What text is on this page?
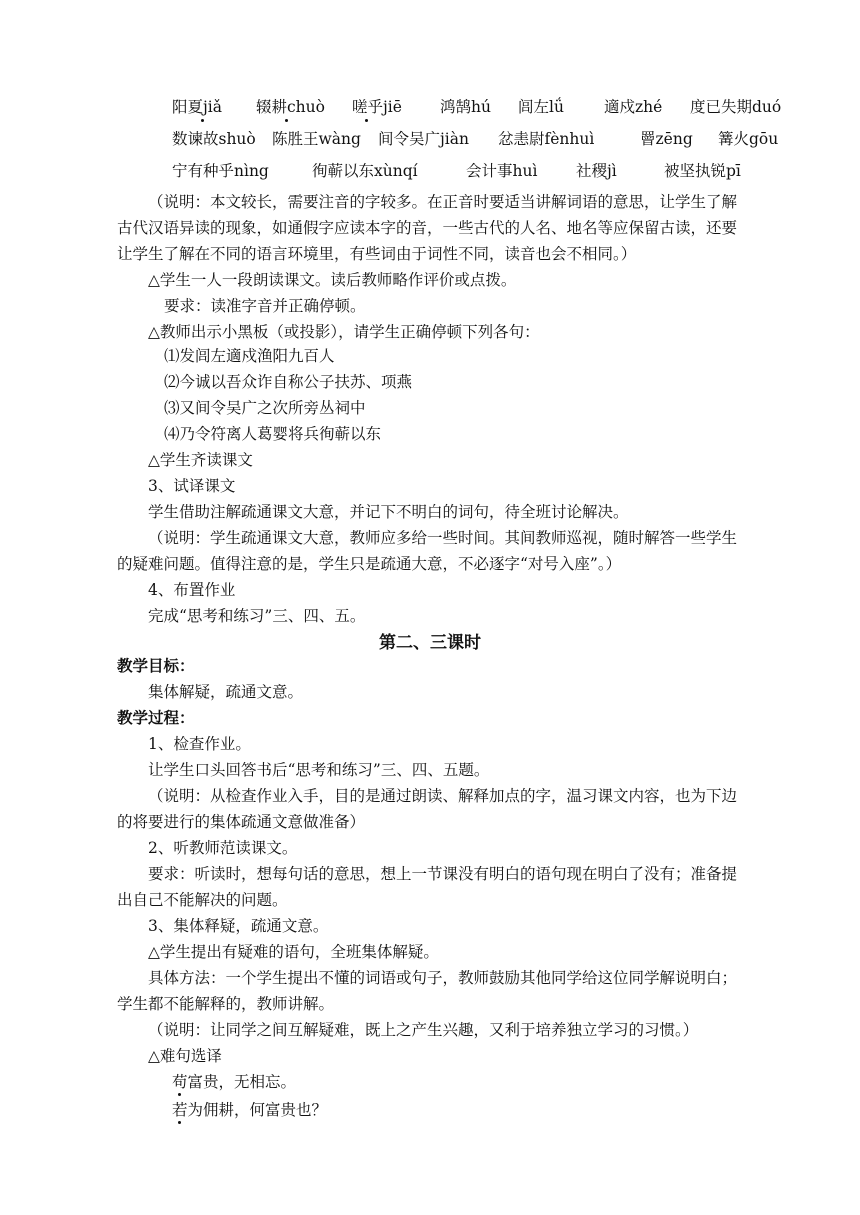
阳夏jiǎ 辍耕chuò 嗟乎jiē 鸿鹄hú 闾左lǘ	適戍zhé 度已失期duó
数谏故shuò 陈胜王wàng 间令吴广jiàn 忿恚尉fènhuì	罾zēng 篝火gōu
宁有种乎nìng	徇蕲以东xùnqí	会计事huì 社稷jì	被坚执锐pī
（说明：本文较长，需要注音的字较多。在正音时要适当讲解词语的意思，让学生了解
古代汉语异读的现象，如通假字应读本字的音，一些古代的人名、地名等应保留古读，还要
让学生了解在不同的语言环境里，有些词由于词性不同，读音也会不相同。）
△学生一人一段朗读课文。读后教师略作评价或点拨。
要求：读准字音并正确停顿。
△教师出示小黑板（或投影），请学生正确停顿下列各句：
⑴发闾左適戍渔阳九百人
⑵今诚以吾众诈自称公子扶苏、项燕
⑶又间令吴广之次所旁丛祠中
⑷乃令符离人葛婴将兵徇蕲以东
△学生齐读课文
3、试译课文
学生借助注解疏通课文大意，并记下不明白的词句，待全班讨论解决。
（说明：学生疏通课文大意，教师应多给一些时间。其间教师巡视，随时解答一些学生
的疑难问题。值得注意的是，学生只是疏通大意，不必逐字“对号入座”。）
4、布置作业
完成“思考和练习”三、四、五。
第二、三课时
教学目标：
集体解疑，疏通文意。
教学过程：
1、检查作业。
让学生口头回答书后“思考和练习”三、四、五题。
（说明：从检查作业入手，目的是通过朗读、解释加点的字，温习课文内容，也为下边
的将要进行的集体疏通文意做准备）
2、听教师范读课文。
要求：听读时，想每句话的意思，想上一节课没有明白的语句现在明白了没有；准备提
出自己不能解决的问题。
3、集体释疑，疏通文意。
△学生提出有疑难的语句，全班集体解疑。
具体方法：一个学生提出不懂的词语或句子，教师鼓励其他同学给这位同学解说明白；
学生都不能解释的，教师讲解。
（说明：让同学之间互解疑难，既上之产生兴趣，又利于培养独立学习的习惯。）
△难句选译
苟富贵，无相忘。
若为佣耕，何富贵也？
